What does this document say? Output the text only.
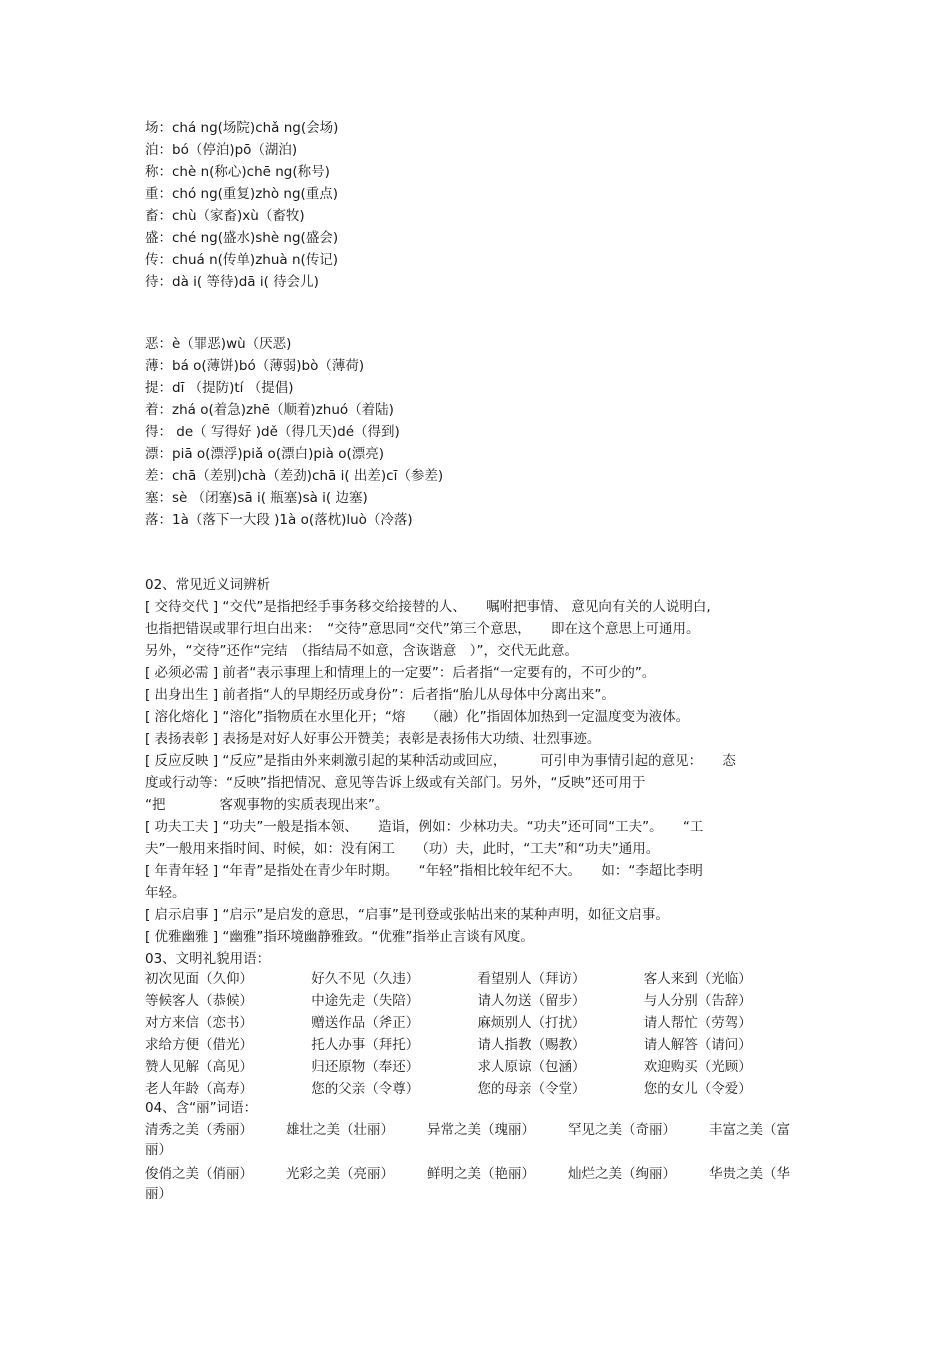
场：chá ng(场院)chǎ ng(会场)
泊：bó（停泊)pō（湖泊)
称：chè n(称心)chē ng(称号)
重：chó ng(重复)zhò ng(重点)
畜：chù（家畜)xù（畜牧)
盛：ché ng(盛水)shè ng(盛会)
传：chuá n(传单)zhuà n(传记)
待：dà i( 等待)dā i( 待会儿)
恶：è（罪恶)wù（厌恶)
薄：bá o(薄饼)bó（薄弱)bò（薄荷)
提：dī （提防)tí （提倡)
着：zhá o(着急)zhē（顺着)zhuó（着陆)
得： de（ 写得好 )dě（得几天)dé（得到)
漂：piā o(漂浮)piǎ o(漂白)pià o(漂亮)
差：chā（差别)chà（差劲)chā i( 出差)cī（参差)
塞：sè （闭塞)sā i( 瓶塞)sà i( 边塞)
落：1à（落下一大段 )1à o(落枕)luò（冷落)
02、常见近义词辨析
[ 交待交代 ] “交代”是指把经手事务移交给接替的人、　　嘱咐把事情、 意见向有关的人说明白,
也指把错误或罪行坦白出来：　“交待”意思同“交代”第三个意思，　　即在这个意思上可通用。
另外，“交待”还作“完结　（指结局不如意，含诙谐意　）”，交代无此意。
[ 必须必需 ] 前者“表示事理上和情理上的一定要”：后者指“一定要有的，不可少的”。
[ 出身出生 ] 前者指“人的早期经历或身份”：后者指“胎儿从母体中分离出来”。
[ 溶化熔化 ] “溶化”指物质在水里化开；“熔　　（融）化”指固体加热到一定温度变为液体。
[ 表扬表彰 ] 表扬是对好人好事公开赞美；表彰是表扬伟大功绩、壮烈事迹。
[ 反应反映 ] “反应”是指由外来刺激引起的某种活动或回应，　　　可引申为事情引起的意见：　　态
度或行动等：“反映”指把情况、意见等告诉上级或有关部门。另外，“反映”还可用于
“把　　　　客观事物的实质表现出来”。
[ 功夫工夫 ] “功夫”一般是指本领、　　造诣，例如：少林功夫。“功夫”还可同“工夫”。　　“工
夫”一般用来指时间、时候，如：没有闲工　　（功）夫，此时，“工夫”和“功夫”通用。
[ 年青年轻 ] “年青”是指处在青少年时期。　　“年轻”指相比较年纪不大。　　如：“李超比李明
年轻。
[ 启示启事 ] “启示”是启发的意思，“启事”是刊登或张帖出来的某种声明，如征文启事。
[ 优雅幽雅 ] “幽雅”指环境幽静雅致。“优雅”指举止言谈有风度。
03、文明礼貌用语：
初次见面（久仰）	好久不见（久违）	看望别人（拜访）	客人来到（光临）
等候客人（恭候）	中途先走（失陪）	请人勿送（留步）	与人分别（告辞）
对方来信（恋书）	赠送作品（斧正）	麻烦别人（打扰）	请人帮忙（劳驾）
求给方便（借光）	托人办事（拜托）	请人指教（赐教）	请人解答（请问）
赞人见解（高见）	归还原物（奉还）	求人原谅（包涵）	欢迎购买（光顾）
老人年龄（高寿）	您的父亲（令尊）	您的母亲（令堂）	您的女儿（令爱）
04、含“丽”词语：
清秀之美（秀丽）	雄壮之美（壮丽）	异常之美（瑰丽）	罕见之美（奇丽）	丰富之美（富
丽）
俊俏之美（俏丽）	光彩之美（亮丽）	鲜明之美（艳丽）	灿烂之美（绚丽）	华贵之美（华
丽）
